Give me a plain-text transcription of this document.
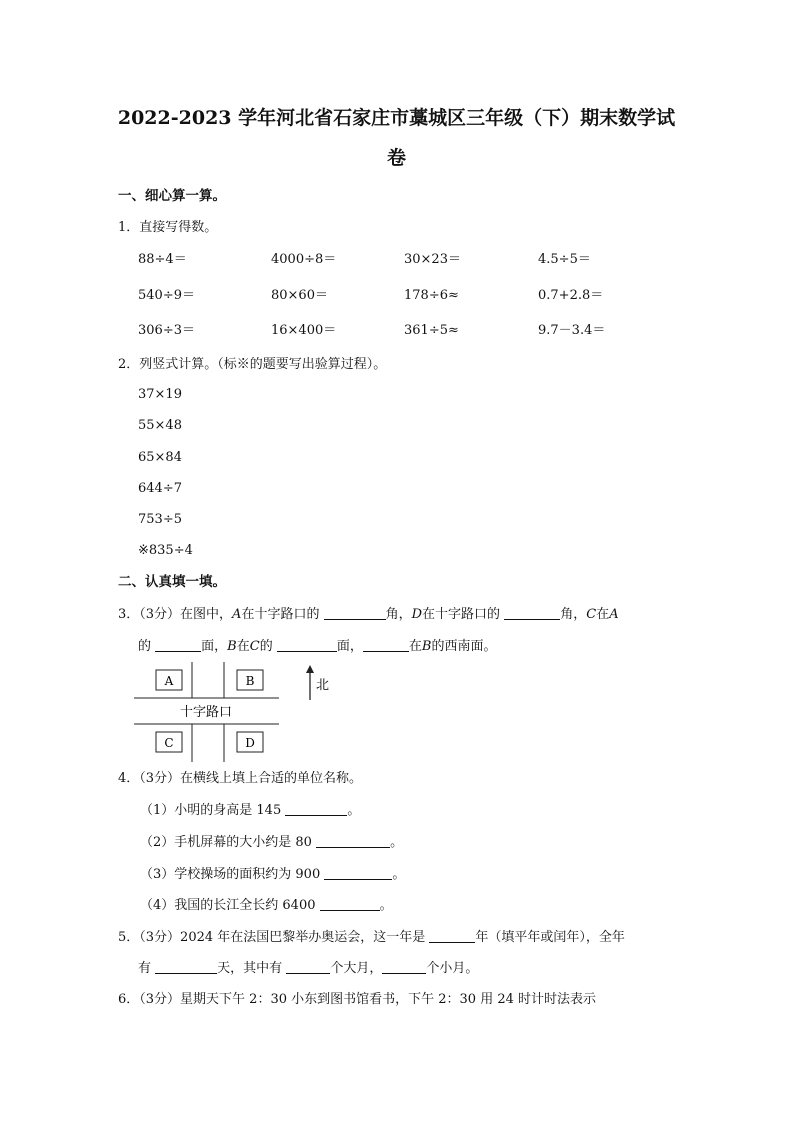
2022-2023 学年河北省石家庄市藁城区三年级（下）期末数学试
卷
一、细心算一算。
1．直接写得数。
88÷4＝	4000÷8＝	30×23＝	4.5÷5＝
540÷9＝	80×60＝	178÷6≈	0.7+2.8＝
306÷3＝	16×400＝	361÷5≈	9.7－3.4＝
2．列竖式计算。（标※的题要写出验算过程）。
37×19
55×48
65×84
644÷7
753÷5
※835÷4
二、认真填一填。
3．（3分）在图中，A在十字路口的	角，D在十字路口的	角，C在A
的	面，B在C的	面，	在B的西南面。
A	B
C	D
十字路口
北
4．（3分）在横线上填上合适的单位名称。
（1）小明的身高是 145	。
（2）手机屏幕的大小约是 80	。
（3）学校操场的面积约为 900	。
（4）我国的长江全长约 6400	。
5．（3分）2024 年在法国巴黎举办奥运会，这一年是	年（填平年或闰年），全年
有	天，其中有	个大月，	个小月。
6．（3分）星期天下午 2：30 小东到图书馆看书，下午 2：30 用 24 时计时法表示
